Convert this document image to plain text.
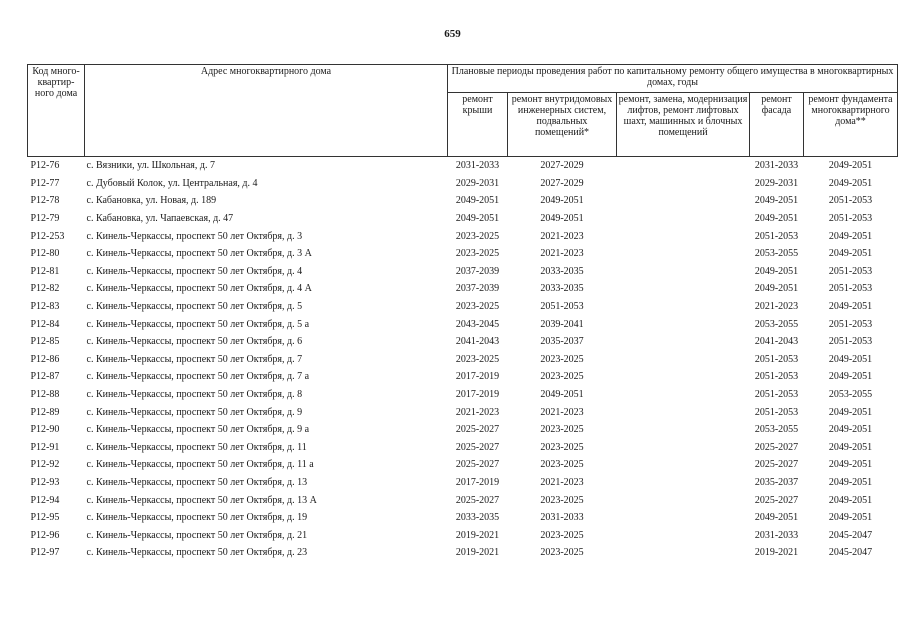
659
Код много-квартир-ного дома	Адрес многоквартирного дома	Плановые периоды проведения работ по капитальному ремонту общего имущества в многоквартирных домах, годы				
		ремонт крыши	ремонт внутридомовых инженерных систем, подвальных помещений*	ремонт, замена, модернизация лифтов, ремонт лифтовых шахт, машинных и блочных помещений	ремонт фасада	ремонт фундамента многоквартирного дома**
P12-76	с. Вязники, ул. Школьная, д. 7	2031-2033	2027-2029		2031-2033	2049-2051
P12-77	с. Дубовый Колок, ул. Центральная, д. 4	2029-2031	2027-2029		2029-2031	2049-2051
P12-78	с. Кабановка, ул. Новая, д. 189	2049-2051	2049-2051		2049-2051	2051-2053
P12-79	с. Кабановка, ул. Чапаевская, д. 47	2049-2051	2049-2051		2049-2051	2051-2053
P12-253	с. Кинель-Черкассы, проспект 50 лет Октября, д. 3	2023-2025	2021-2023		2051-2053	2049-2051
P12-80	с. Кинель-Черкассы, проспект 50 лет Октября, д. 3 А	2023-2025	2021-2023		2053-2055	2049-2051
P12-81	с. Кинель-Черкассы, проспект 50 лет Октября, д. 4	2037-2039	2033-2035		2049-2051	2051-2053
P12-82	с. Кинель-Черкассы, проспект 50 лет Октября, д. 4 А	2037-2039	2033-2035		2049-2051	2051-2053
P12-83	с. Кинель-Черкассы, проспект 50 лет Октября, д. 5	2023-2025	2051-2053		2021-2023	2049-2051
P12-84	с. Кинель-Черкассы, проспект 50 лет Октября, д. 5 а	2043-2045	2039-2041		2053-2055	2051-2053
P12-85	с. Кинель-Черкассы, проспект 50 лет Октября, д. 6	2041-2043	2035-2037		2041-2043	2051-2053
P12-86	с. Кинель-Черкассы, проспект 50 лет Октября, д. 7	2023-2025	2023-2025		2051-2053	2049-2051
P12-87	с. Кинель-Черкассы, проспект 50 лет Октября, д. 7 а	2017-2019	2023-2025		2051-2053	2049-2051
P12-88	с. Кинель-Черкассы, проспект 50 лет Октября, д. 8	2017-2019	2049-2051		2051-2053	2053-2055
P12-89	с. Кинель-Черкассы, проспект 50 лет Октября, д. 9	2021-2023	2021-2023		2051-2053	2049-2051
P12-90	с. Кинель-Черкассы, проспект 50 лет Октября, д. 9 а	2025-2027	2023-2025		2053-2055	2049-2051
P12-91	с. Кинель-Черкассы, проспект 50 лет Октября, д. 11	2025-2027	2023-2025		2025-2027	2049-2051
P12-92	с. Кинель-Черкассы, проспект 50 лет Октября, д. 11 а	2025-2027	2023-2025		2025-2027	2049-2051
P12-93	с. Кинель-Черкассы, проспект 50 лет Октября, д. 13	2017-2019	2021-2023		2035-2037	2049-2051
P12-94	с. Кинель-Черкассы, проспект 50 лет Октября, д. 13 А	2025-2027	2023-2025		2025-2027	2049-2051
P12-95	с. Кинель-Черкассы, проспект 50 лет Октября, д. 19	2033-2035	2031-2033		2049-2051	2049-2051
P12-96	с. Кинель-Черкассы, проспект 50 лет Октября, д. 21	2019-2021	2023-2025		2031-2033	2045-2047
P12-97	с. Кинель-Черкассы, проспект 50 лет Октября, д. 23	2019-2021	2023-2025		2019-2021	2045-2047
